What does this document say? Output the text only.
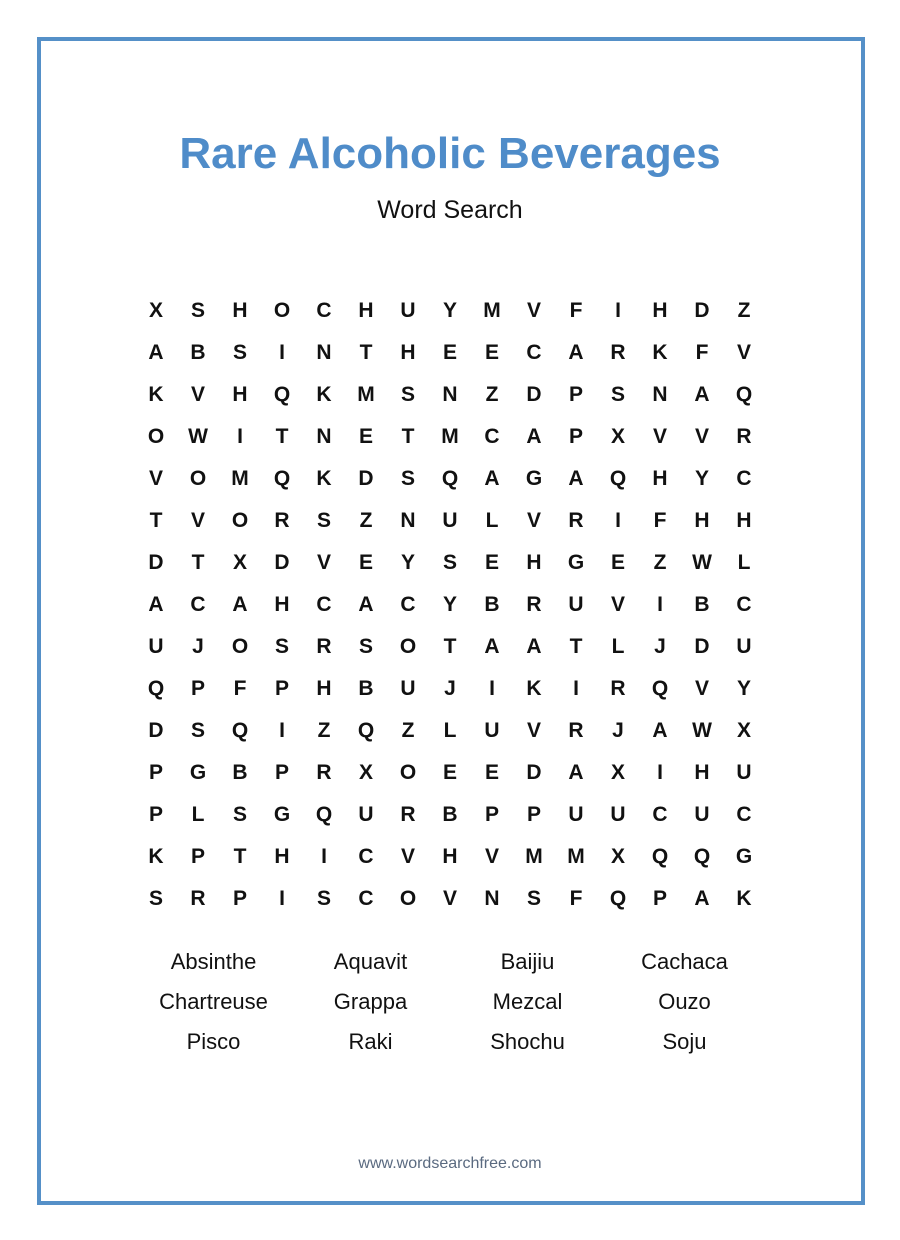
Rare Alcoholic Beverages
Word Search
X	S	H	O	C	H	U	Y	M	V	F	I	H	D	Z
A	B	S	I	N	T	H	E	E	C	A	R	K	F	V
K	V	H	Q	K	M	S	N	Z	D	P	S	N	A	Q
O	W	I	T	N	E	T	M	C	A	P	X	V	V	R
V	O	M	Q	K	D	S	Q	A	G	A	Q	H	Y	C
T	V	O	R	S	Z	N	U	L	V	R	I	F	H	H
D	T	X	D	V	E	Y	S	E	H	G	E	Z	W	L
A	C	A	H	C	A	C	Y	B	R	U	V	I	B	C
U	J	O	S	R	S	O	T	A	A	T	L	J	D	U
Q	P	F	P	H	B	U	J	I	K	I	R	Q	V	Y
D	S	Q	I	Z	Q	Z	L	U	V	R	J	A	W	X
P	G	B	P	R	X	O	E	E	D	A	X	I	H	U
P	L	S	G	Q	U	R	B	P	P	U	U	C	U	C
K	P	T	H	I	C	V	H	V	M	M	X	Q	Q	G
S	R	P	I	S	C	O	V	N	S	F	Q	P	A	K
Absinthe	Aquavit	Baijiu	Cachaca
Chartreuse	Grappa	Mezcal	Ouzo
Pisco	Raki	Shochu	Soju
www.wordsearchfree.com
